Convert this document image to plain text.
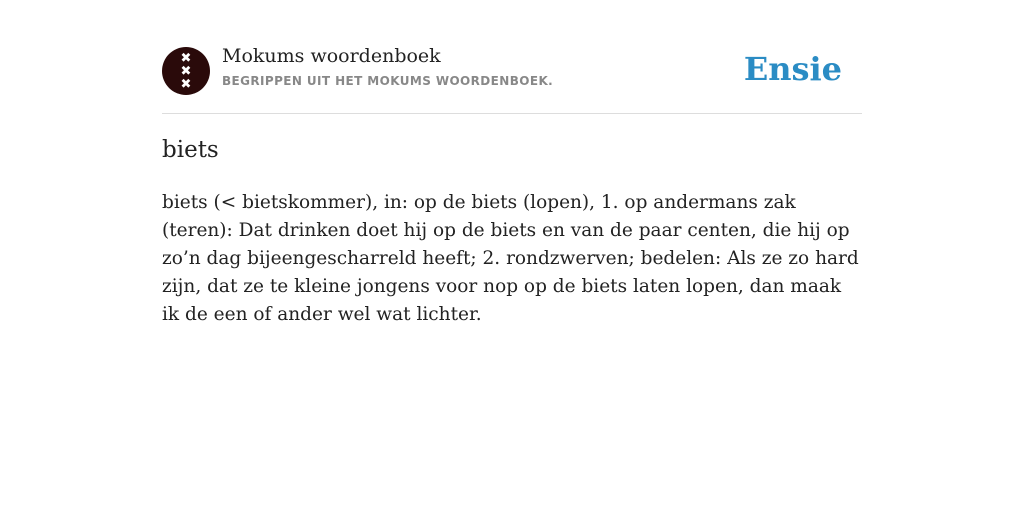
✖
✖
✖
Mokums woordenboek
BEGRIPPEN UIT HET MOKUMS WOORDENBOEK.	Ensie
biets

biets (< bietskommer), in: op de biets (lopen), 1. op andermans zak (teren): Dat drinken doet hij op de biets en van de paar centen, die hij op zo’n dag bijeengescharreld heeft; 2. rondzwerven; bedelen: Als ze zo hard zijn, dat ze te kleine jongens voor nop op de biets laten lopen, dan maak ik de een of ander wel wat lichter.
